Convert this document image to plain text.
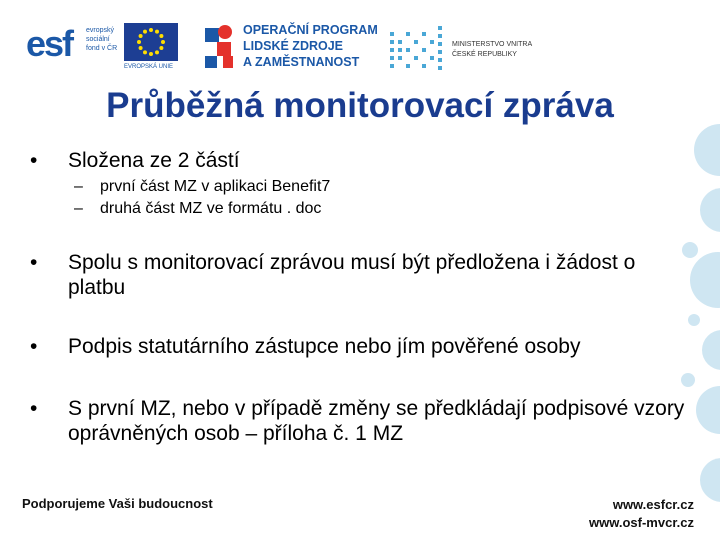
esf evropský
sociální
fond v ČR
EVROPSKÁ UNIE
OPERAČNÍ PROGRAM
LIDSKÉ ZDROJE
A ZAMĚSTNANOST
MINISTERSTVO VNITRA
ČESKÉ REPUBLIKY
Průběžná monitorovací zpráva
• Složena ze 2 částí
– první část MZ v aplikaci Benefit7
– druhá část MZ ve formátu . doc
• Spolu s monitorovací zprávou musí být předložena i žádost o platbu
• Podpis statutárního zástupce nebo jím pověřené osoby
• S první MZ, nebo v případě změny se předkládají podpisové vzory oprávněných osob – příloha č. 1 MZ
Podporujeme Vaši budoucnost	www.esfcr.cz
www.osf-mvcr.cz
